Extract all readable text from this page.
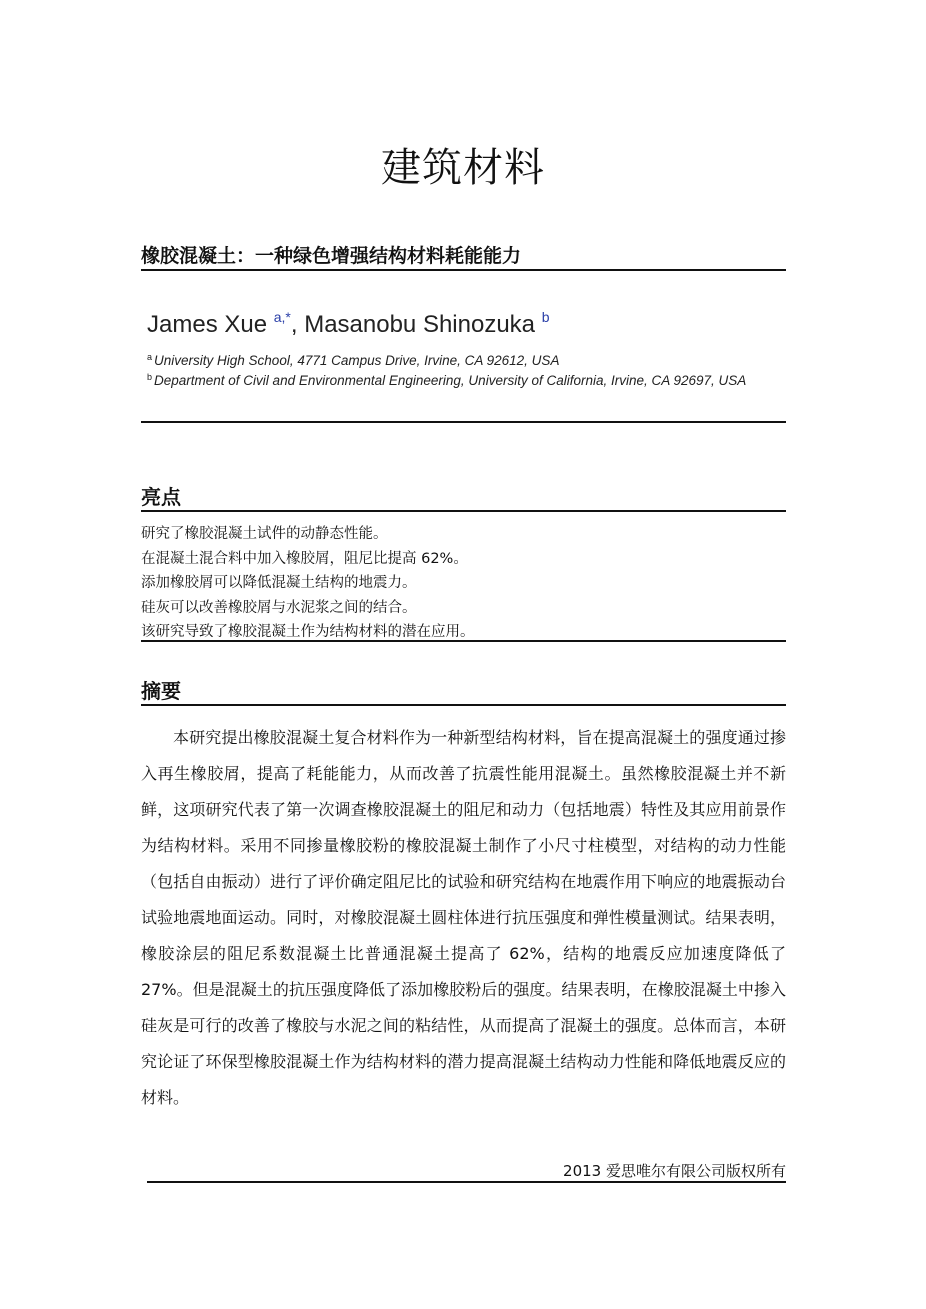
建筑材料
橡胶混凝土：一种绿色增强结构材料耗能能力
James Xue $^{a,*}$, Masanobu Shinozuka $^b$
$^a$ University High School, 4771 Campus Drive, Irvine, CA 92612, USA
$^b$ Department of Civil and Environmental Engineering, University of California, Irvine, CA 92697, USA
亮点
研究了橡胶混凝土试件的动静态性能。
在混凝土混合料中加入橡胶屑，阻尼比提高 62%。
添加橡胶屑可以降低混凝土结构的地震力。
硅灰可以改善橡胶屑与水泥浆之间的结合。
该研究导致了橡胶混凝土作为结构材料的潜在应用。
摘要

本研究提出橡胶混凝土复合材料作为一种新型结构材料，旨在提高混凝土的强度通过掺入再生橡胶屑，提高了耗能能力，从而改善了抗震性能用混凝土。虽然橡胶混凝土并不新鲜，这项研究代表了第一次调查橡胶混凝土的阻尼和动力（包括地震）特性及其应用前景作为结构材料。采用不同掺量橡胶粉的橡胶混凝土制作了小尺寸柱模型，对结构的动力性能（包括自由振动）进行了评价确定阻尼比的试验和研究结构在地震作用下响应的地震振动台试验地震地面运动。同时，对橡胶混凝土圆柱体进行抗压强度和弹性模量测试。结果表明，橡胶涂层的阻尼系数混凝土比普通混凝土提高了 62%，结构的地震反应加速度降低了 27%。但是混凝土的抗压强度降低了添加橡胶粉后的强度。结果表明，在橡胶混凝土中掺入硅灰是可行的改善了橡胶与水泥之间的粘结性，从而提高了混凝土的强度。总体而言，本研究论证了环保型橡胶混凝土作为结构材料的潜力提高混凝土结构动力性能和降低地震反应的材料。

2013 爱思唯尔有限公司版权所有
